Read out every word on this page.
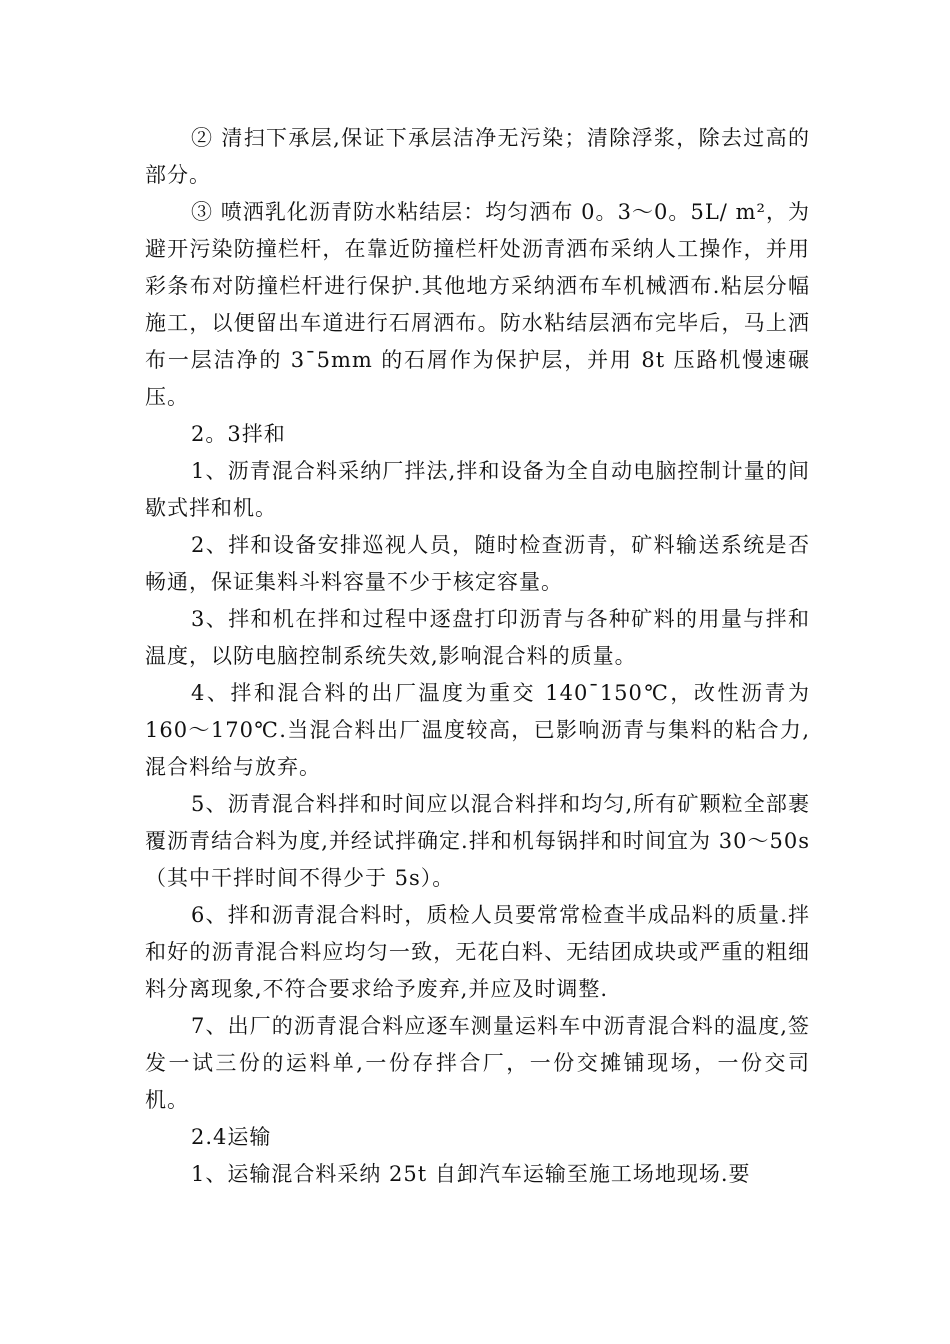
② 清扫下承层,保证下承层洁净无污染；清除浮浆，除去过高的部分。

③ 喷洒乳化沥青防水粘结层：均匀洒布 0。3～0。5L/ m²，为避开污染防撞栏杆，在靠近防撞栏杆处沥青洒布采纳人工操作，并用彩条布对防撞栏杆进行保护.其他地方采纳洒布车机械洒布.粘层分幅施工，以便留出车道进行石屑洒布。防水粘结层洒布完毕后，马上洒布一层洁净的 3¯5mm 的石屑作为保护层，并用 8t 压路机慢速碾压。

2。3拌和

1、沥青混合料采纳厂拌法,拌和设备为全自动电脑控制计量的间歇式拌和机。

2、拌和设备安排巡视人员，随时检查沥青，矿料输送系统是否畅通，保证集料斗料容量不少于核定容量。

3、拌和机在拌和过程中逐盘打印沥青与各种矿料的用量与拌和温度，以防电脑控制系统失效,影响混合料的质量。

4、拌和混合料的出厂温度为重交 140¯150℃，改性沥青为 160～170℃.当混合料出厂温度较高，已影响沥青与集料的粘合力,混合料给与放弃。

5、沥青混合料拌和时间应以混合料拌和均匀,所有矿颗粒全部裹覆沥青结合料为度,并经试拌确定.拌和机每锅拌和时间宜为 30～50s（其中干拌时间不得少于 5s）。

6、拌和沥青混合料时，质检人员要常常检查半成品料的质量.拌和好的沥青混合料应均匀一致，无花白料、无结团成块或严重的粗细料分离现象,不符合要求给予废弃,并应及时调整.

7、出厂的沥青混合料应逐车测量运料车中沥青混合料的温度,签发一试三份的运料单,一份存拌合厂，一份交摊铺现场，一份交司机。

2.4运输

1、运输混合料采纳 25t 自卸汽车运输至施工场地现场.要
